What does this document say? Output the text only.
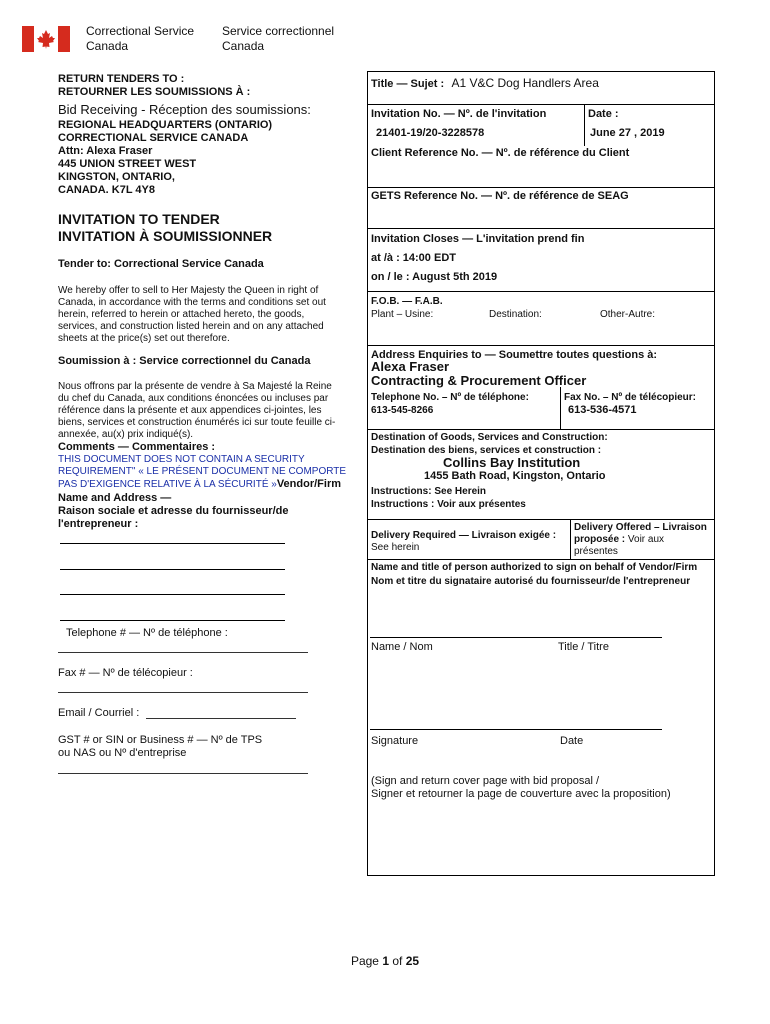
Correctional Service
Canada
Service correctionnel
Canada
RETURN TENDERS TO :
RETOURNER LES SOUMISSIONS À :
Bid Receiving - Réception des soumissions:
REGIONAL HEADQUARTERS (ONTARIO)
CORRECTIONAL SERVICE CANADA
Attn: Alexa Fraser
445 UNION STREET WEST
KINGSTON, ONTARIO,
CANADA. K7L 4Y8
INVITATION TO TENDER
INVITATION À SOUMISSIONNER
Tender to: Correctional Service Canada
We hereby offer to sell to Her Majesty the Queen in right of
Canada, in accordance with the terms and conditions set out
herein, referred to herein or attached hereto, the goods,
services, and construction listed herein and on any attached
sheets at the price(s) set out therefore.
Soumission à : Service correctionnel du Canada
Nous offrons par la présente de vendre à Sa Majesté la Reine
du chef du Canada, aux conditions énoncées ou incluses par
référence dans la présente et aux appendices ci-jointes, les
biens, services et construction énumérés ici sur toute feuille ci-
annexée, au(x) prix indiqué(s).
Comments — Commentaires :
THIS DOCUMENT DOES NOT CONTAIN A SECURITY
REQUIREMENT" « LE PRÉSENT DOCUMENT NE COMPORTE
PAS D'EXIGENCE RELATIVE À LA SÉCURITÉ »Vendor/Firm
Name and Address —
Raison sociale et adresse du fournisseur/de
l'entrepreneur :
Telephone # — Nº de téléphone :
Fax # — Nº de télécopieur :
Email / Courriel :
GST # or SIN or Business # — Nº de TPS
ou NAS ou Nº d'entreprise
Title — Sujet : A1 V&C Dog Handlers Area
Invitation No. — Nº. de l'invitation
21401-19/20-3228578
Date :
June 27 , 2019
Client Reference No. — Nº. de référence du Client
GETS Reference No. — Nº. de référence de SEAG
Invitation Closes — L'invitation prend fin
at /à : 14:00 EDT
on / le : August 5th 2019
F.O.B. — F.A.B.
Plant – Usine:	Destination:	Other-Autre:
Address Enquiries to — Soumettre toutes questions à:
Alexa Fraser
Contracting & Procurement Officer
Telephone No. – Nº de téléphone:
613-545-8266
Fax No. – Nº de télécopieur:
613-536-4571
Destination of Goods, Services and Construction:
Destination des biens, services et construction :
Collins Bay Institution
1455 Bath Road, Kingston, Ontario
Instructions: See Herein
Instructions : Voir aux présentes
Delivery Required — Livraison exigée :
See herein
Delivery Offered – Livraison
proposée : Voir aux
présentes
Name and title of person authorized to sign on behalf of Vendor/Firm
Nom et titre du signataire autorisé du fournisseur/de l'entrepreneur
Name / Nom	Title / Titre
Signature	Date
(Sign and return cover page with bid proposal /
Signer et retourner la page de couverture avec la proposition)
Page 1 of 25
